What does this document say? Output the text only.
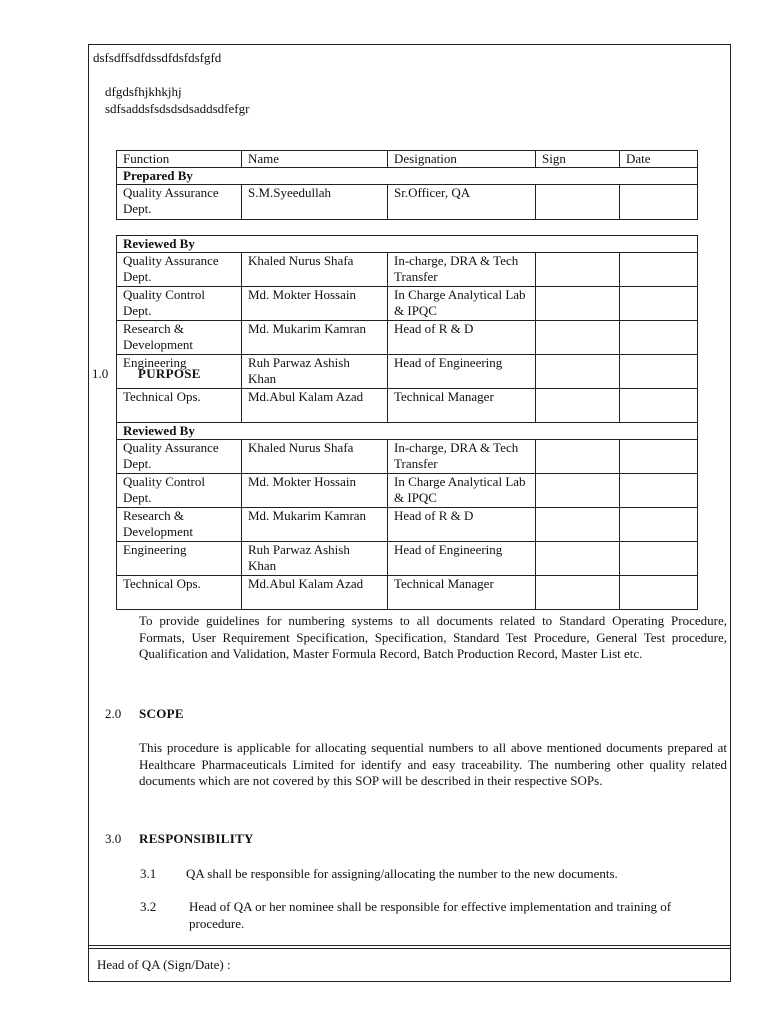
dsfsdffsdfdssdfdsfdsfgfd
dfgdsfhjkhkjhj
sdfsaddsfsdsdsdsaddsdfefgr
Function	Name	Designation	Sign	Date
Prepared By				
Quality Assurance Dept.	S.M.Syeedullah	Sr.Officer, QA		
Reviewed By				
Quality Assurance Dept.	Khaled Nurus Shafa	In-charge, DRA & Tech Transfer		
Quality Control Dept.	Md. Mokter Hossain	In Charge Analytical Lab & IPQC		
Research & Development	Md. Mukarim Kamran	Head of R & D		
Engineering	Ruh Parwaz Ashish Khan	Head of Engineering		
Technical Ops.	Md.Abul Kalam Azad	Technical Manager		
Reviewed By				
Quality Assurance Dept.	Khaled Nurus Shafa	In-charge, DRA & Tech Transfer		
Quality Control Dept.	Md. Mokter Hossain	In Charge Analytical Lab & IPQC		
Research & Development	Md. Mukarim Kamran	Head of R & D		
Engineering	Ruh Parwaz Ashish Khan	Head of Engineering		
Technical Ops.	Md.Abul Kalam Azad	Technical Manager		
1.0 PURPOSE
To provide guidelines for numbering systems to all documents related to Standard Operating Procedure, Formats, User Requirement Specification, Specification, Standard Test Procedure, General Test procedure, Qualification and Validation, Master Formula Record, Batch Production Record, Master List etc.
2.0 SCOPE
This procedure is applicable for allocating sequential numbers to all above mentioned documents prepared at Healthcare Pharmaceuticals Limited for identify and easy traceability. The numbering other quality related documents which are not covered by this SOP will be described in their respective SOPs.
3.0 RESPONSIBILITY
3.1 QA shall be responsible for assigning/allocating the number to the new documents.
3.2	Head of QA or her nominee shall be responsible for effective implementation and training of procedure.
Head of QA (Sign/Date) :
